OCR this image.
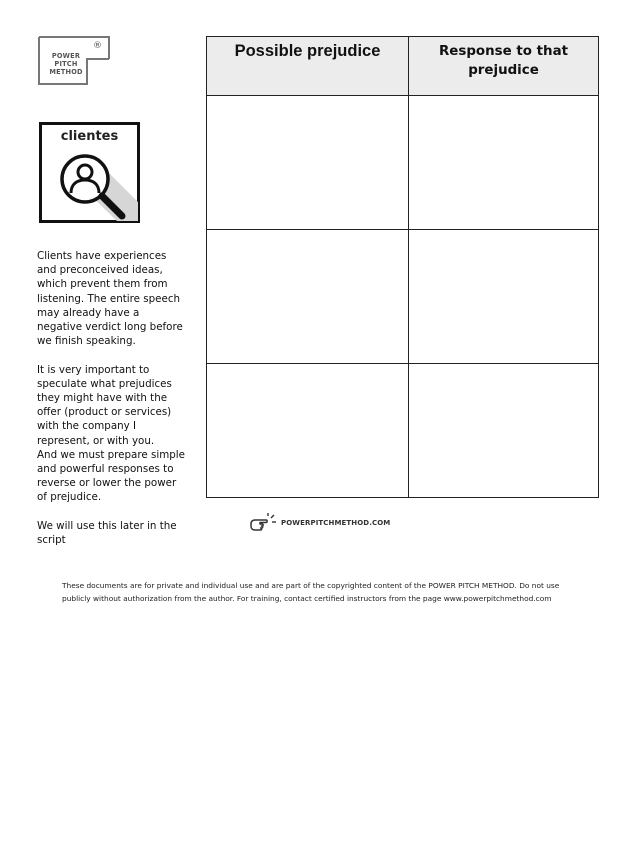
POWER
PITCH
METHOD
®
clientes

Clients have experiences and preconceived ideas, which prevent them from listening. The entire speech may already have a negative verdict long before we finish speaking.

It is very important to speculate what prejudices they might have with the offer (product or services) with the company I represent, or with you.

And we must prepare simple and powerful responses to reverse or lower the power of prejudice.

We will use this later in the script

Possible prejudice	Response to that prejudice

POWERPITCHMETHOD.COM
These documents are for private and individual use and are part of the copyrighted content of the POWER PITCH METHOD. Do not use publicly without authorization from the author. For training, contact certified instructors from the page www.powerpitchmethod.com
